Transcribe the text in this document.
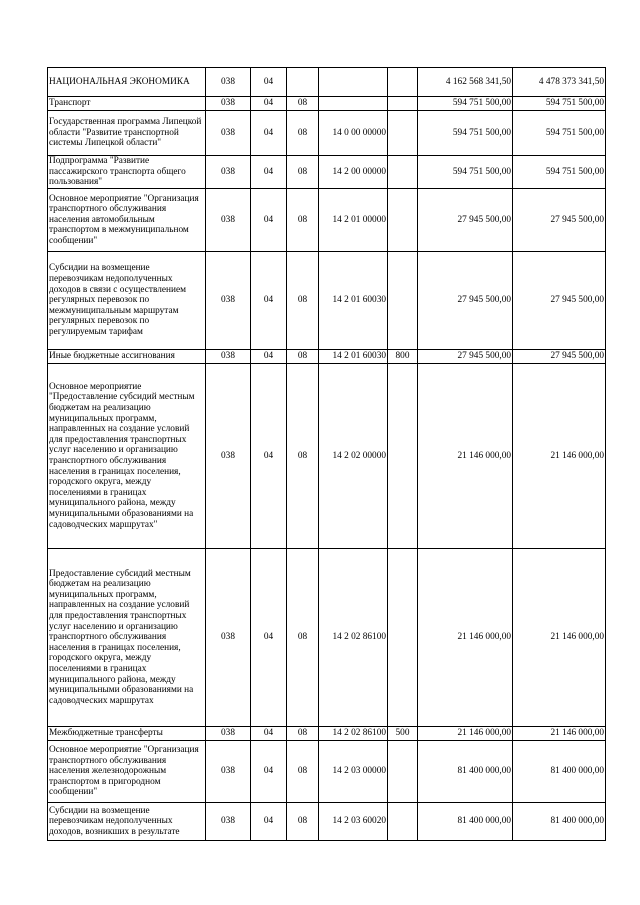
НАЦИОНАЛЬНАЯ ЭКОНОМИКА	038	04				4 162 568 341,50	4 478 373 341,50
Транспорт	038	04	08			594 751 500,00	594 751 500,00
Государственная программа Липецкой области "Развитие транспортной системы Липецкой области"	038	04	08	14 0 00 00000		594 751 500,00	594 751 500,00
Подпрограмма "Развитие пассажирского транспорта общего пользования"	038	04	08	14 2 00 00000		594 751 500,00	594 751 500,00
Основное мероприятие "Организация транспортного обслуживания населения автомобильным транспортом в межмуниципальном сообщении"	038	04	08	14 2 01 00000		27 945 500,00	27 945 500,00
Субсидии на возмещение перевозчикам недополученных доходов в связи с осуществлением регулярных перевозок по межмуниципальным маршрутам регулярных перевозок по регулируемым тарифам	038	04	08	14 2 01 60030		27 945 500,00	27 945 500,00
Иные бюджетные ассигнования	038	04	08	14 2 01 60030	800	27 945 500,00	27 945 500,00
Основное мероприятие "Предоставление субсидий местным бюджетам на реализацию муниципальных программ, направленных на создание условий для предоставления транспортных услуг населению и организацию транспортного обслуживания населения в границах поселения, городского округа, между поселениями в границах муниципального района, между муниципальными образованиями на садоводческих маршрутах"	038	04	08	14 2 02 00000		21 146 000,00	21 146 000,00
Предоставление субсидий местным бюджетам на реализацию муниципальных программ, направленных на создание условий для предоставления транспортных услуг населению и организацию транспортного обслуживания населения в границах поселения, городского округа, между поселениями в границах муниципального района, между муниципальными образованиями на садоводческих маршрутах	038	04	08	14 2 02 86100		21 146 000,00	21 146 000,00
Межбюджетные трансферты	038	04	08	14 2 02 86100	500	21 146 000,00	21 146 000,00
Основное мероприятие "Организация транспортного обслуживания населения железнодорожным транспортом в пригородном сообщении"	038	04	08	14 2 03 00000		81 400 000,00	81 400 000,00
Субсидии на возмещение перевозчикам недополученных доходов, возникших в результате	038	04	08	14 2 03 60020		81 400 000,00	81 400 000,00
